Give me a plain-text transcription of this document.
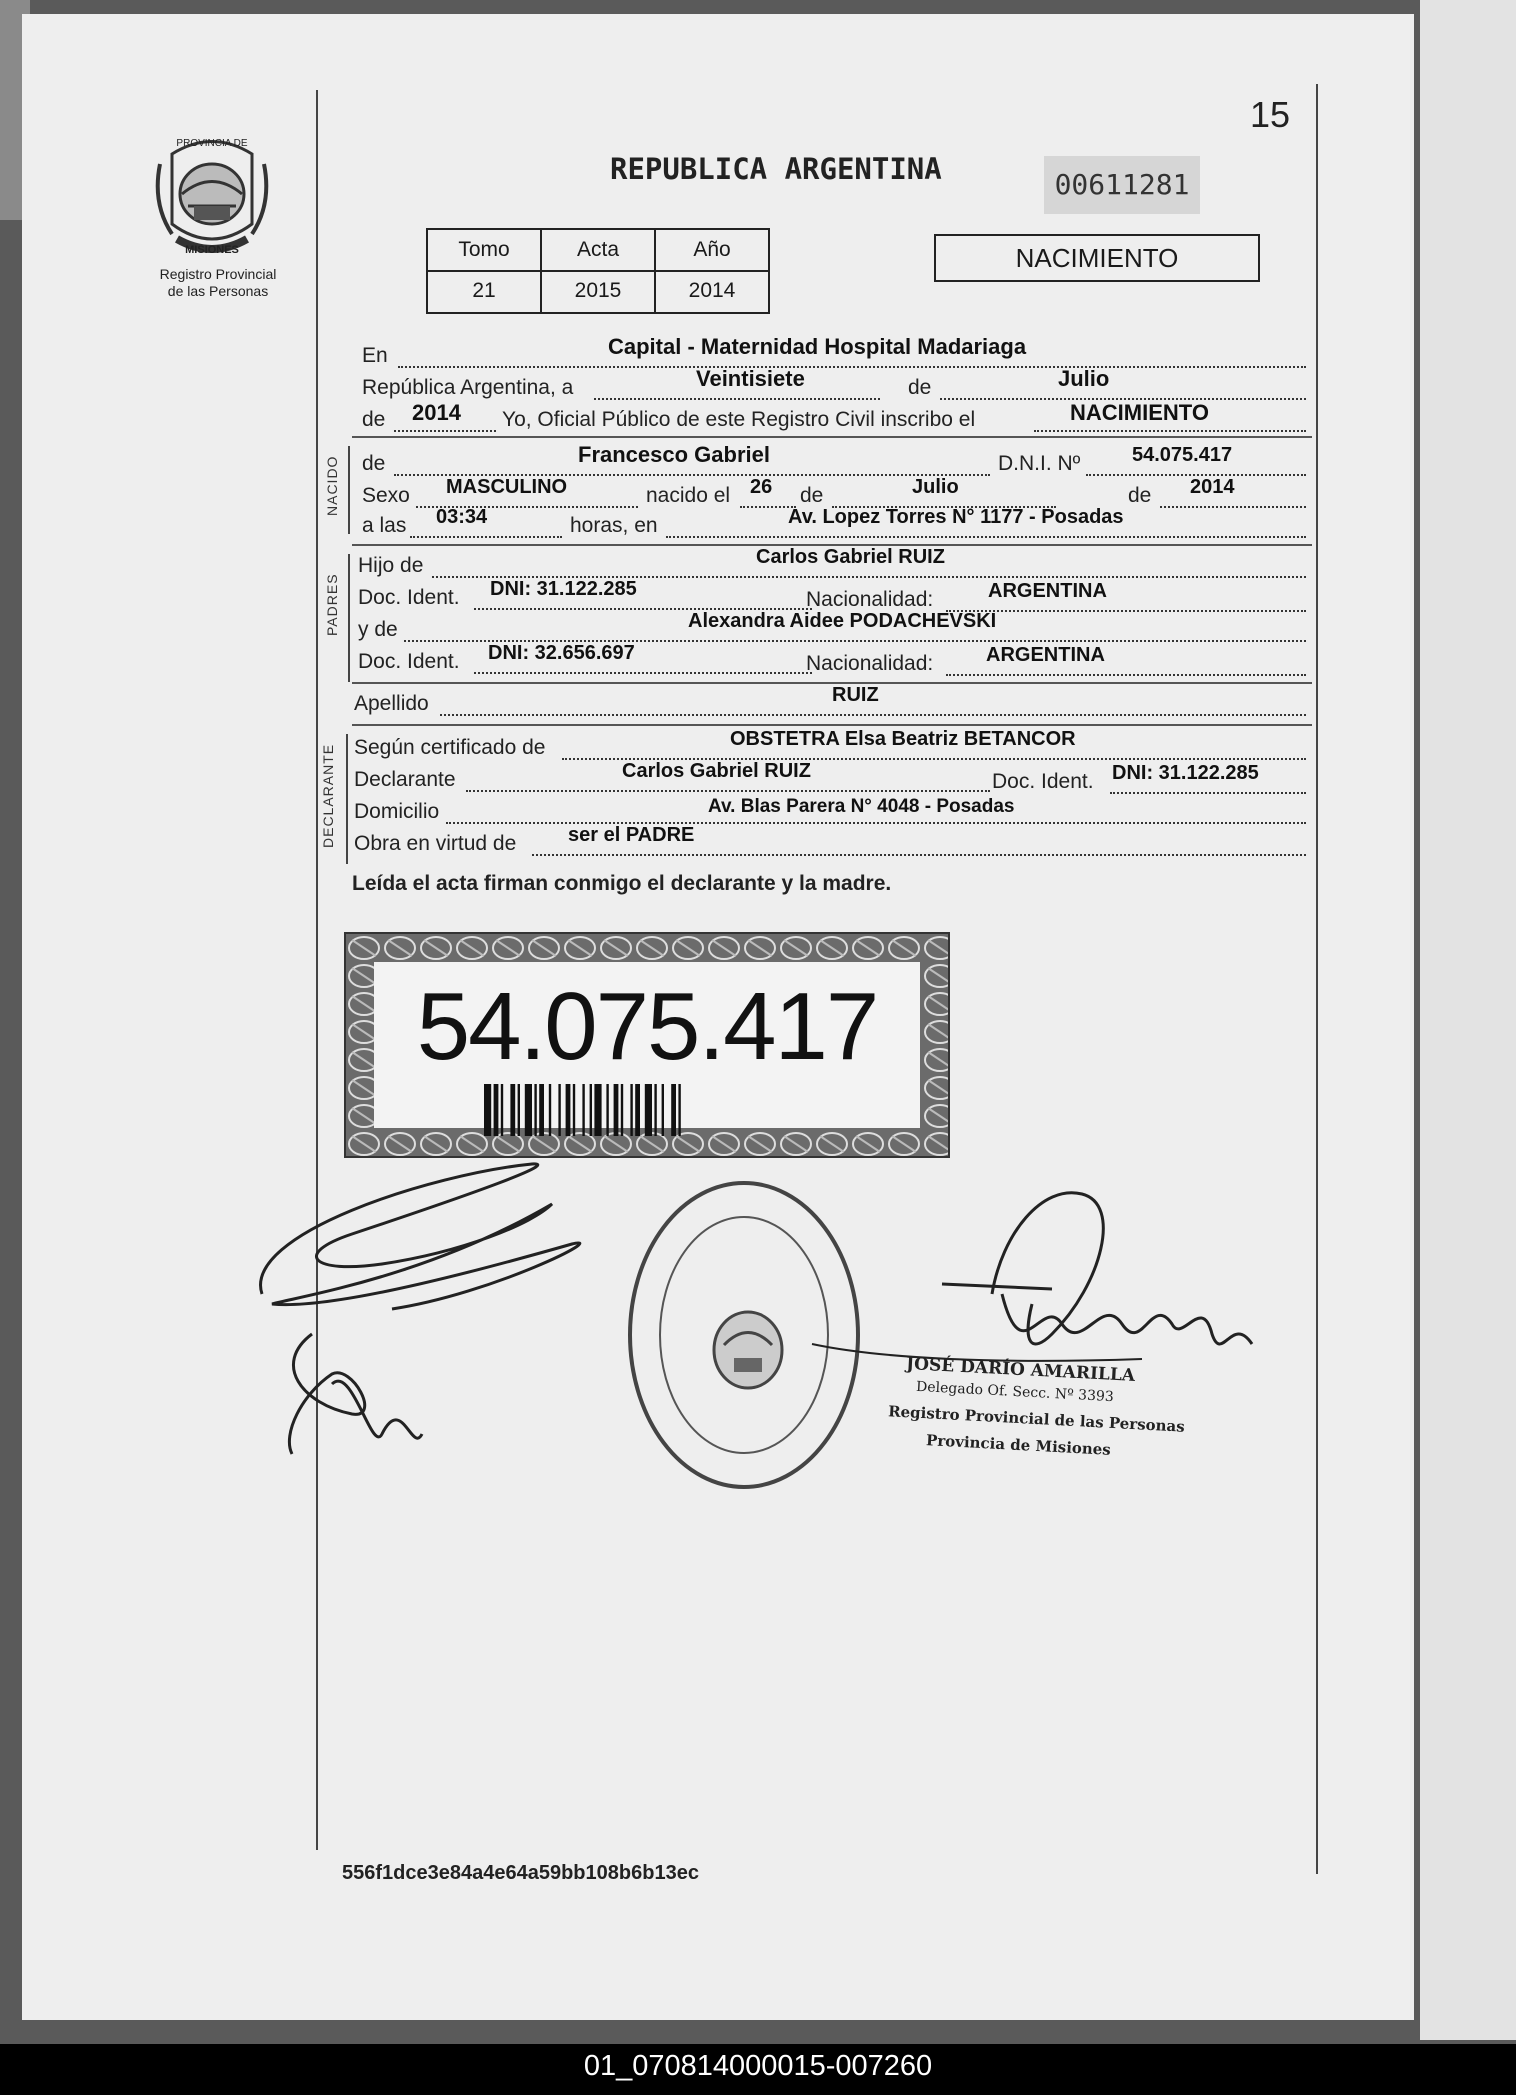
15
PROVINCIA DE
MISIONES
Registro Provincial
de las Personas
REPUBLICA ARGENTINA	00611281
Tomo	Acta	Año
21	2015	2014
NACIMIENTO
En	Capital - Maternidad Hospital Madariaga
República Argentina, a	Veintisiete	de	Julio
de 2014 Yo, Oficial Público de este Registro Civil inscribo el	NACIMIENTO
NACIDO de	Francesco Gabriel	D.N.I. Nº	54.075.417
Sexo MASCULINO	nacido el 26 de	Julio	de 2014
a las 03:34	horas, en	Av. Lopez Torres N° 1177 - Posadas
PADRES
Hijo de	Carlos Gabriel RUIZ
Doc. Ident. DNI: 31.122.285	Nacionalidad:	ARGENTINA
y de	Alexandra Aidee PODACHEVSKI
Doc. Ident. DNI: 32.656.697	Nacionalidad:	ARGENTINA
Apellido	RUIZ
DECLARANTE Según certificado de	OBSTETRA Elsa Beatriz BETANCOR
Declarante	Carlos Gabriel RUIZ	Doc. Ident. DNI: 31.122.285
Domicilio	Av. Blas Parera N° 4048 - Posadas
Obra en virtud de	ser el PADRE
Leída el acta firman conmigo el declarante y la madre.
54.075.417
JOSÉ DARÍO AMARILLA
Delegado Of. Secc. Nº 3393
Registro Provincial de las Personas
Provincia de Misiones
556f1dce3e84a4e64a59bb108b6b13ec
01_070814000015-007260
